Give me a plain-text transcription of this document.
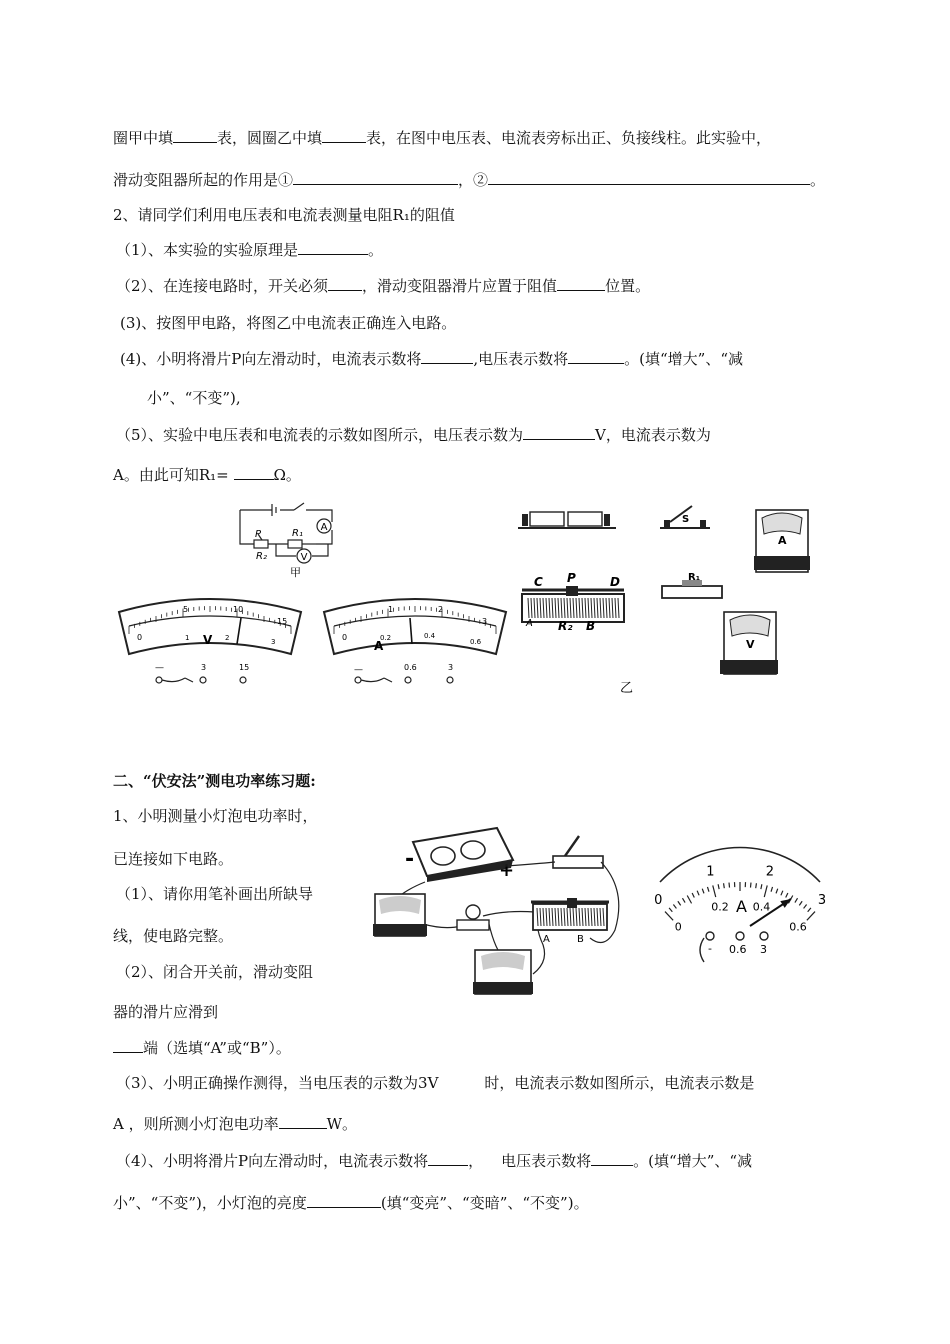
圈甲中填	表，圆圈乙中填	表，在图中电压表、电流表旁标出正、负接线柱。此实验中，
滑动变阻器所起的作用是①	，②	。
2、请同学们利用电压表和电流表测量电阻R₁的阻值
（1）、本实验的实验原理是	。
（2）、在连接电路时，开关必须 ，滑动变阻器滑片应置于阻值	位置。
(3)、按图甲电路，将图乙中电流表正确连入电路。
(4)、小明将滑片P向左滑动时，电流表示数将	,电压表示数将	。(填“增大”、“减
小”、“不变”),
（5）、实验中电压表和电流表的示数如图所示，电压表示数为	V，电流表示数为
A。由此可知R₁=	Ω。
A
V
P	R₁
R₂
甲
0
5	10
15
1	2	3
V
—	3	15
0
1	2
3
0.2	0.4
0.6
A
—	0.6	3
S
A
C P	D
A R₂ B
R₁
V
乙
二、“伏安法”测电功率练习题:
1、小明测量小灯泡电功率时，
已连接如下电路。
（1）、请你用笔补画出所缺导
线，使电路完整。
（2）、闭合开关前，滑动变阻
器的滑片应滑到
端（选填“A”或“B”）。
（3）、小明正确操作测得，当电压表的示数为3V	时，电流表示数如图所示，电流表示数是
A ，则所测小灯泡电功率	W。
（4）、小明将滑片P向左滑动时，电流表示数将	， 电压表示数将	。(填“增大”、“减
小”、“不变”)，小灯泡的亮度	(填“变亮”、“变暗”、“不变”)。
-	+
A	B
0
1	2
3
0
0.2 0.4
0.6
A
- 0.6 3
